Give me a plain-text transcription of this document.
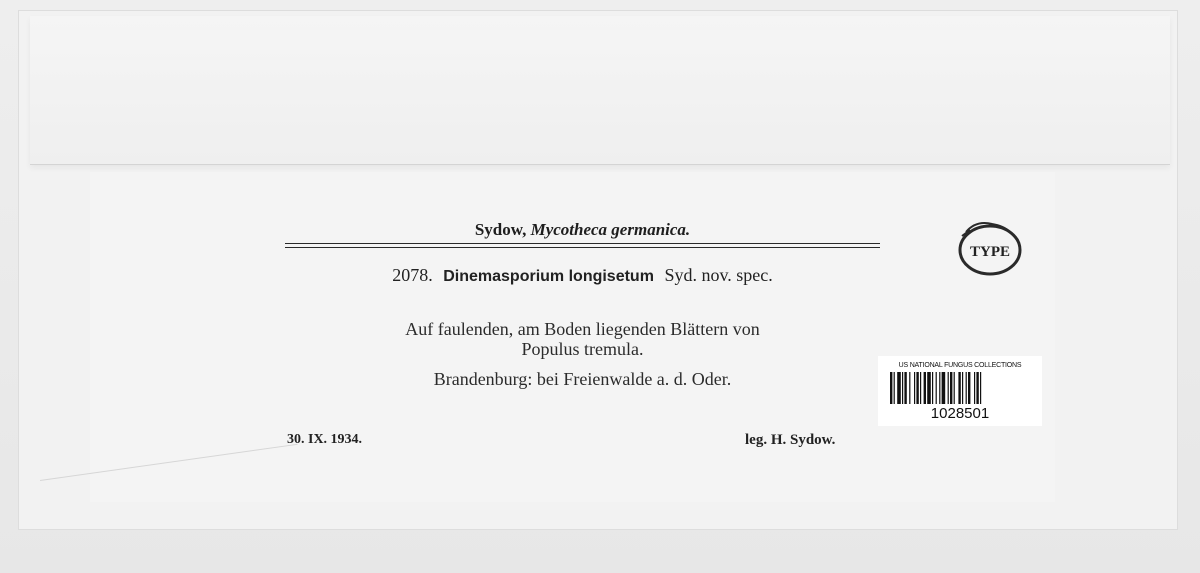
Sydow, Mycotheca germanica.
2078. Dinemasporium longisetum Syd. nov. spec.
Auf faulenden, am Boden liegenden Blättern von
Populus tremula.
Brandenburg: bei Freienwalde a. d. Oder.
30. IX. 1934.	leg. H. Sydow.
TYPE
US NATIONAL FUNGUS COLLECTIONS
1028501
